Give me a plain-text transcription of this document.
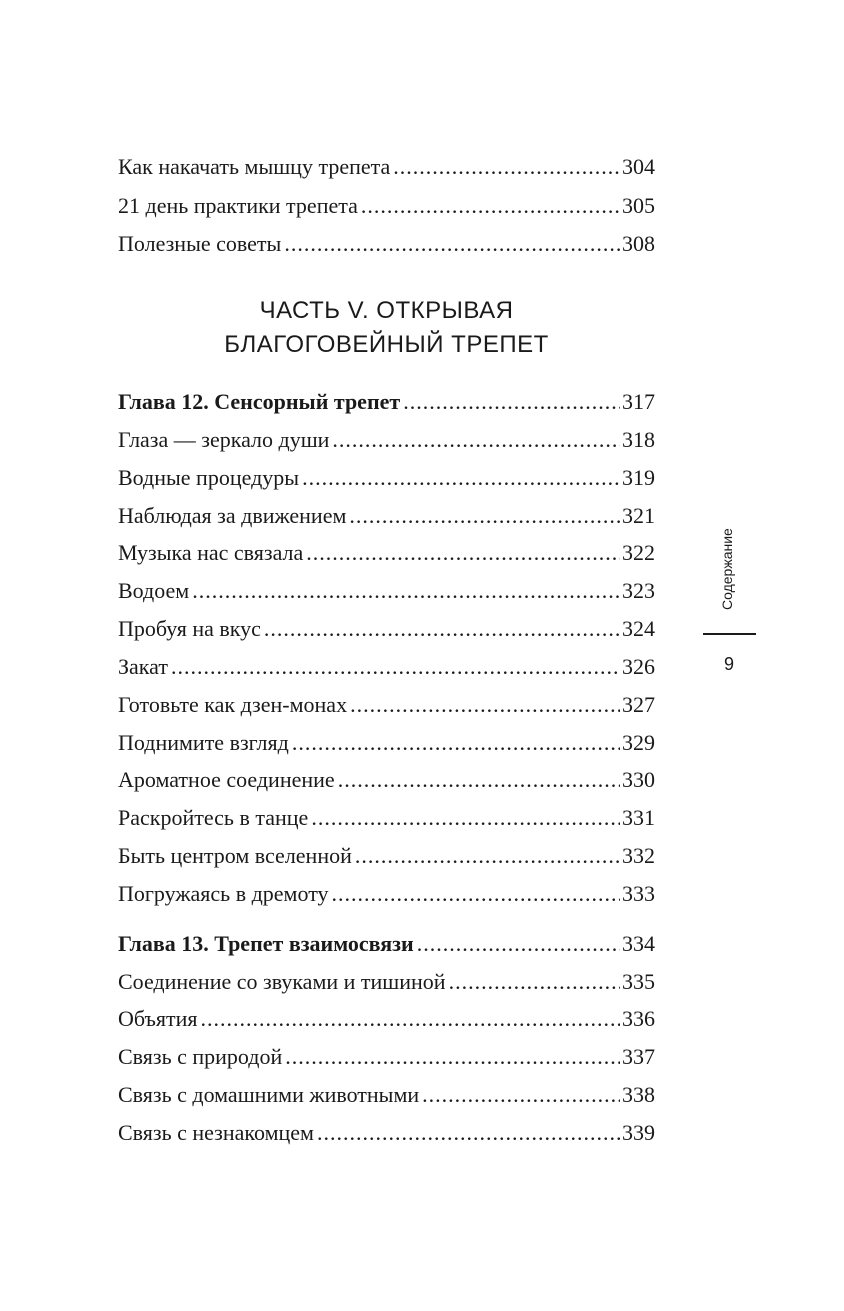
Как накачать мышцу трепета .....	304
21 день практики трепета .....	305
Полезные советы .....	308
Глава 12. Сенсорный трепет .....	317
Глаза — зеркало души .....	318
Водные процедуры .....	319
Наблюдая за движением .....	321
Музыка нас связала .....	322
Водоем .....	323
Пробуя на вкус .....	324
Закат .....	326
Готовьте как дзен-монах .....	327
Поднимите взгляд .....	329
Ароматное соединение .....	330
Раскройтесь в танце .....	331
Быть центром вселенной .....	332
Погружаясь в дремоту .....	333
Глава 13. Трепет взаимосвязи .....	334
Соединение со звуками и тишиной .....	335
Объятия .....	336
Связь с природой .....	337
Связь с домашними животными .....	338
Связь с незнакомцем .....	339
ЧАСТЬ V. ОТКРЫВАЯ
БЛАГОГОВЕЙНЫЙ ТРЕПЕТ
Содержание
9
